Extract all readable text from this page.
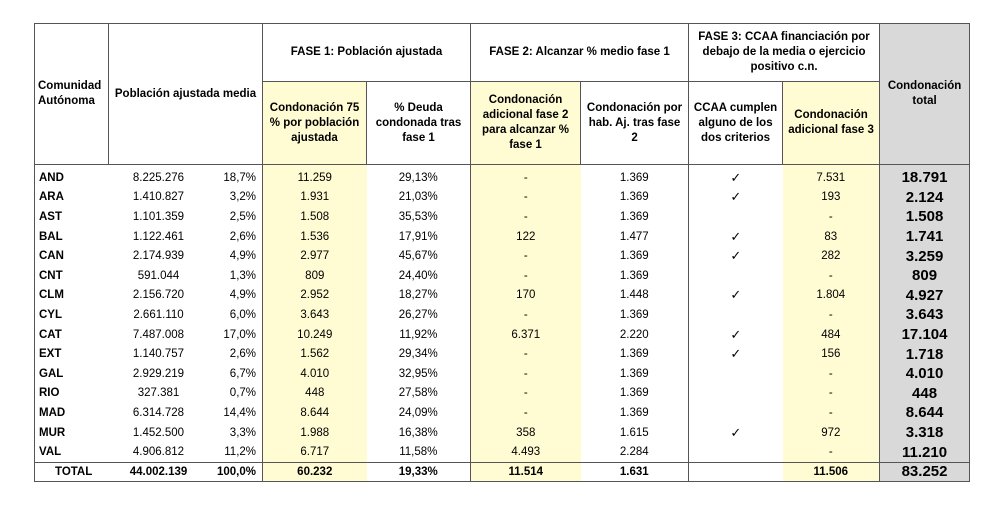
Comunidad Autónoma	Población ajustada media		FASE 1: Población ajustada		FASE 2: Alcanzar % medio fase 1		FASE 3: CCAA financiación por debajo de la media o ejercicio positivo c.n.		Condonación total
			Condonación 75 % por población ajustada	% Deuda condonada tras fase 1	Condonación adicional fase 2 para alcanzar % fase 1	Condonación por hab. Aj. tras fase 2	CCAA cumplen alguno de los dos criterios	Condonación adicional fase 3	
AND	8.225.276	18,7%	11.259	29,13%	-	1.369	✓	7.531	18.791
ARA	1.410.827	3,2%	1.931	21,03%	-	1.369	✓	193	2.124
AST	1.101.359	2,5%	1.508	35,53%	-	1.369		-	1.508
BAL	1.122.461	2,6%	1.536	17,91%	122	1.477	✓	83	1.741
CAN	2.174.939	4,9%	2.977	45,67%	-	1.369	✓	282	3.259
CNT	591.044	1,3%	809	24,40%	-	1.369		-	809
CLM	2.156.720	4,9%	2.952	18,27%	170	1.448	✓	1.804	4.927
CYL	2.661.110	6,0%	3.643	26,27%	-	1.369		-	3.643
CAT	7.487.008	17,0%	10.249	11,92%	6.371	2.220	✓	484	17.104
EXT	1.140.757	2,6%	1.562	29,34%	-	1.369	✓	156	1.718
GAL	2.929.219	6,7%	4.010	32,95%	-	1.369		-	4.010
RIO	327.381	0,7%	448	27,58%	-	1.369		-	448
MAD	6.314.728	14,4%	8.644	24,09%	-	1.369		-	8.644
MUR	1.452.500	3,3%	1.988	16,38%	358	1.615	✓	972	3.318
VAL	4.906.812	11,2%	6.717	11,58%	4.493	2.284		-	11.210
TOTAL	44.002.139	100,0%	60.232	19,33%	11.514	1.631		11.506	83.252
